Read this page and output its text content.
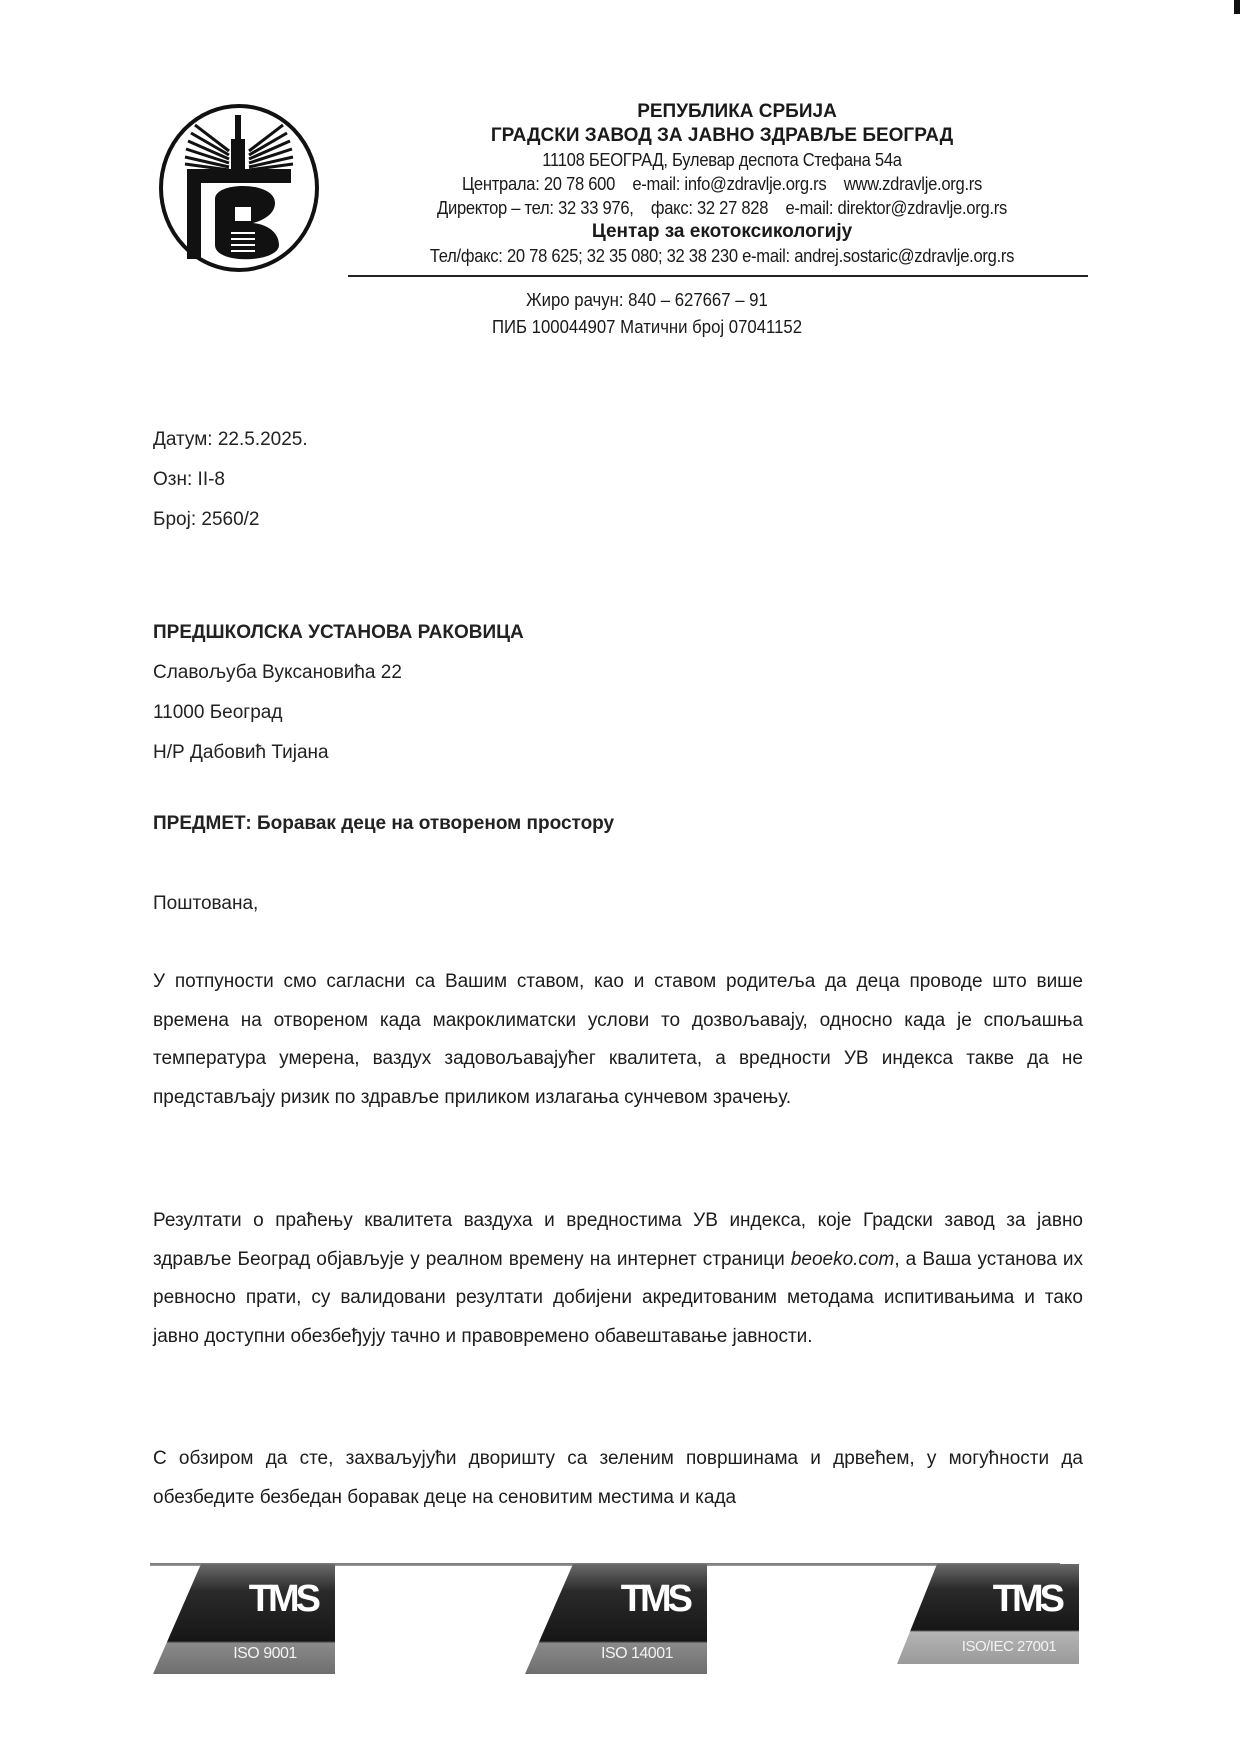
РЕПУБЛИКА СРБИЈА
ГРАДСКИ ЗАВОД ЗА ЈАВНО ЗДРАВЉЕ БЕОГРАД
11108 БЕОГРАД, Булевар деспота Стефана 54а
Централа: 20 78 600    e-mail: info@zdravlje.org.rs    www.zdravlje.org.rs
Директор – тел: 32 33 976,    факс: 32 27 828    e-mail: direktor@zdravlje.org.rs
Центар за екотоксикологију
Тел/факс: 20 78 625; 32 35 080; 32 38 230 e-mail: andrej.sostaric@zdravlje.org.rs
Жиро рачун: 840 – 627667 – 91
ПИБ 100044907 Матични број 07041152
Датум: 22.5.2025.
Озн: II-8
Број: 2560/2
ПРЕДШКОЛСКА УСТАНОВА РАКОВИЦА
Славољуба Вуксановића 22
11000 Београд
Н/Р Дабовић Тијана
ПРЕДМЕТ: Боравак деце на отвореном простору
Поштована,
У потпуности смо сагласни са Вашим ставом, као и ставом родитеља да деца проводе што више времена на отвореном када макроклиматски услови то дозвољавају, односно када је спољашња температура умерена, ваздух задовољавајућег квалитета, а вредности УВ индекса такве да не представљају ризик по здравље приликом излагања сунчевом зрачењу.
Резултати о праћењу квалитета ваздуха и вредностима УВ индекса, које Градски завод за јавно здравље Београд објављује у реалном времену на интернет страници beoeko.com, а Ваша установа их ревносно прати, су валидовани резултати добијени акредитованим методама испитивањима и тако јавно доступни обезбеђују тачно и правовремено обавештавање јавности.
С обзиром да сте, захваљујући дворишту са зеленим површинама и дрвећем, у могућности да обезбедите безбедан боравак деце на сеновитим местима и када
TMS
ISO 9001
TMS
ISO 14001
TMS
ISO/IEC 27001
